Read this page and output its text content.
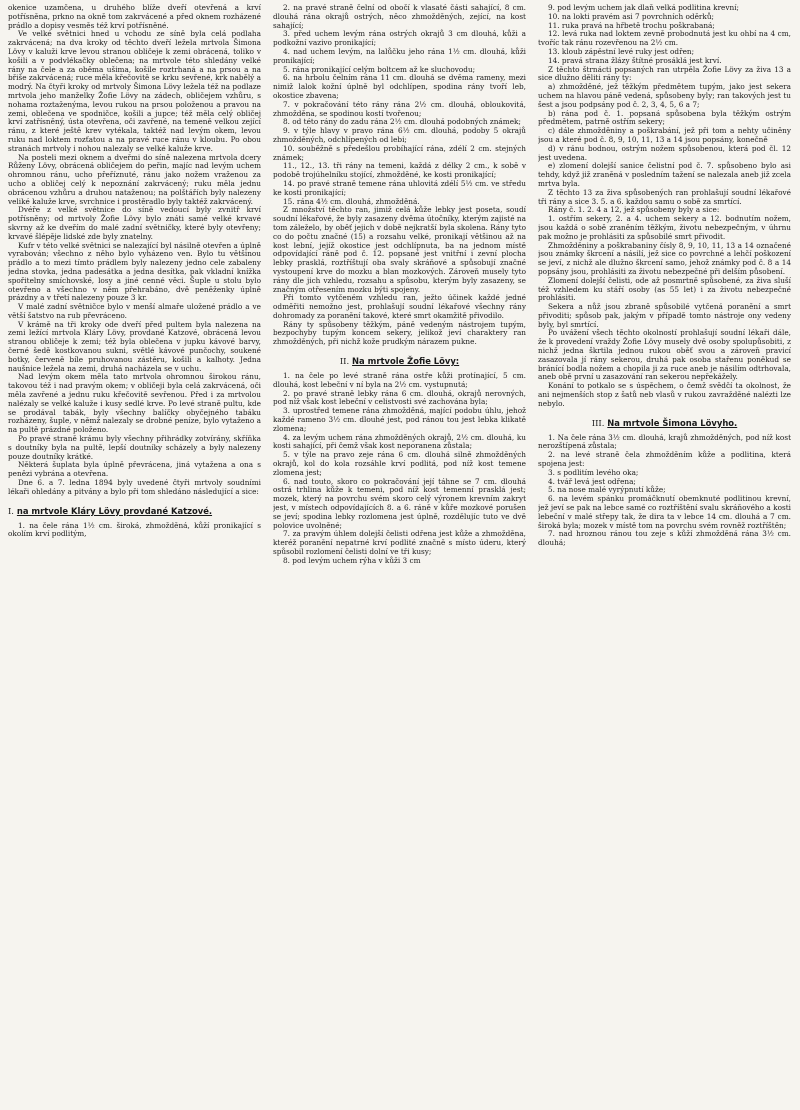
okenice uzamčena, u druhého blíže dveří otevřená a krví potřísněna, prkno na okně tom zakrvácené a před oknem rozházené prádlo a dopisy vesměs též krví potřísněné.

Ve velké světnici hned u vchodu ze síně byla celá podlaha zakrvácená; na dva kroky od těchto dveří ležela mrtvola Šimona Lövy v kaluži krve levou stranou obličeje k zemi obrácená, toliko v košili a v podvlékačky oblečena; na mrtvole této shledány velké rány na čele a za oběma ušima, košile roztrhaná a na prsou a na břiše zakrvácená; ruce měla křečovitě se krku sevřené, krk nabělý a modrý. Na čtyři kroky od mrtvoly Šimona Lövy ležela též na podlaze mrtvola jeho manželky Žofie Lövy na zádech, obličejem vzhůru, s nohama roztaženýma, levou rukou na prsou položenou a pravou na zemi, oblečena ve spodničce, košili a jupce; též měla celý obličej krví zatřísněný, ústa otevřena, oči zavřené, na temeně velkou zející ránu, z které ještě krev vytékala, taktéž nad levým okem, levou ruku nad loktem rozťatou a na pravé ruce ránu v kloubu. Po obou stranách mrtvoly i nohou nalezaly se velké kaluže krve.

Na posteli mezi oknem a dveřmi do síně nalezena mrtvola dcery Růženy Lövy, obrácená obličejem do peřin, majíc nad levým uchem ohromnou ránu, ucho přeříznuté, ránu jako nožem vraženou za ucho a obličej celý k nepoznání zakrvácený; ruku měla jednu obrácenou vzhůru a druhou nataženou; na polštářích byly nalezeny veliké kaluže krve, svrchnice i prostěradlo byly taktéž zakrvácený.

Dvéře z velké světnice do síně vedoucí byly zvnitř krví potřísněny; od mrtvoly Žofie Lövy bylo znáti samé velké krvavé skvrny až ke dveřím do malé zadní světničky, které byly otevřeny; krvavé šlépěje lidské zde byly znatelny.

Kufr v této velké světnici se nalezající byl násilně otevřen a úplně vyrabován; všechno z něho bylo vyházeno ven. Bylo tu většinou prádlo a to mezi tímto prádlem byly nalezeny jedno cele zabaleny jedna stovka, jedna padesátka a jedna desítka, pak vkladní knížka spořitelny smíchovské, losy a jiné cenné věci. Šuple u stolu bylo otevřeno a všechno v něm přehrabáno, dvě peněženky úplně prázdny a v třetí nalezeny pouze 3 kr.

V malé zadní světničce bylo v menší almaře uložené prádlo a ve větší šatstvo na rub převráceno.

V krámě na tři kroky ode dveří před pultem byla nalezena na zemi ležící mrtvola Kláry Lövy, provdané Katzové, obrácená levou stranou obličeje k zemi; též byla oblečena v jupku kávové barvy, černé šedě kostkovanou sukni, světlé kávové punčochy, soukené botky, červeně bíle pruhovanou zástěru, košili a kalhoty. Jedna naušnice ležela na zemi, druhá nacházela se v uchu.

Nad levým okem měla tato mrtvola ohromnou širokou ránu, takovou též i nad pravým okem; v obličeji byla celá zakrvácená, oči měla zavřené a jednu ruku křečovitě sevřenou. Před i za mrtvolou nalézaly se velké kaluže i kusy sedlé krve. Po levé straně pultu, kde se prodával tabák, byly všechny balíčky obyčejného tabáku rozházeny, šuple, v němž nalezaly se drobné peníze, bylo vytaženo a na pultě prázdné položeno.

Po pravé straně krámu byly všechny přihrádky zotvírány, skříňka s doutníky byla na pultě, lepší doutníky scházely a byly nalezeny pouze doutníky krátké.

Některá šuplata byla úplně převrácena, jiná vytažena a ona s penězi vybrána a otevřena.

Dne 6. a 7. ledna 1894 byly uvedené čtyři mrtvoly soudními lékaři ohledány a pitvány a bylo při tom shledáno následující a sice:

I. na mrtvole Kláry Lövy provdané Katzové.

1. na čele rána 1½ cm. široká, zhmožděná, kůží pronikající s okolím krví podlitým,

2. na pravé straně čelní od obočí k vlasaté části sahající, 8 cm. dlouhá rána okrajů ostrých, něco zhmožděných, zející, na kost sahající;

3. před uchem levým rána ostrých okrajů 3 cm dlouhá, kůži a podkožní vazivo pronikající;

4. nad uchem levým, na lalůčku jeho rána 1½ cm. dlouhá, kůži pronikající;

5. rána pronikající celým boltcem až ke sluchovodu;

6. na hrbolu čelním rána 11 cm. dlouhá se dvěma rameny, mezi nimiž lalok kožní úplně byl odchlípen, spodina rány tvoří leb, okostice zbavena;

7. v pokračování této rány rána 2½ cm. dlouhá, obloukovitá, zhmožděna, se spodinou kostí tvořenou;

8. od této rány do zadu rána 2½ cm. dlouhá podobných známek;

9. v týle hlavy v pravo rána 6½ cm. dlouhá, podoby 5 okrajů zhmožděných, odchlípených od lebi;

10. souběžně s předešlou probíhající rána, zdélí 2 cm. stejných známek;

11., 12., 13. tři rány na temeni, každá z délky 2 cm., k sobě v podobě trojúhelníku stojící, zhmožděné, ke kosti pronikající;

14. po pravé straně temene rána uhlovitá zdélí 5½ cm. ve středu ke kosti pronikající;

15. rána 4½ cm. dlouhá, zhmožděná.

Z množství těchto ran, jimiž celá kůže lebky jest poseta, soudí soudní lékařové, že byly zasazeny dvěma útočníky, kterým zajisté na tom záleželo, by oběť jejich v době nejkratší byla skolena. Rány tyto co do počtu značné (15) a rozsahu velké, pronikají většinou až na kost lební, jejíž okostice jest odchlípnuta, ba na jednom místě odpovídající ráně pod č. 12. popsané jest vnitřní i zevní plocha lebky prasklá, roztříštují oba svaly skráňové a spůsobují značné vystoupení krve do mozku a blan mozkových. Zároveň musely tyto rány dle jich vzhledu, rozsahu a spůsobu, kterým byly zasazeny, se značným otřesením mozku býti spojeny.

Při tomto vytčeném vzhledu ran, ježto účinek každé jedné odměřiti nemožno jest, prohlašují soudní lékařové všechny rány dohromady za poranění takové, které smrt okamžitě přivodilo.

Rány ty spůsobeny těžkým, páně vedeným nástrojem tupým, bezpochyby tupým koncem sekery, jelikož jeví charaktery ran zhmožděných, při nichž kože prudkým nárazem pukne.

II. Na mrtvole Žofie Lövy:

1. na čele po levé straně rána ostře kůži protínající, 5 cm. dlouhá, kost lebeční v ní byla na 2½ cm. vystupnutá;

2. po pravé straně lebky rána 6 cm. dlouhá, okrajů nerovných, pod níž však kost lebeční v celistvosti své zachována byla;

3. uprostřed temene rána zhmožděná, mající podobu úhlu, jehož každé rameno 3½ cm. dlouhé jest, pod ránou tou jest lebka klikatě zlomena;

4. za levým uchem rána zhmožděných okrajů, 2½ cm. dlouhá, ku kosti sahající, při čemž však kost neporanena zůstala;

5. v týle na pravo zeje rána 6 cm. dlouhá silně zhmožděných okrajů, kol do kola rozsáhle krví podlitá, pod níž kost temene zlomena jest;

6. nad touto, skoro co pokračování její táhne se 7 cm. dlouhá ostrá trhlina kůže k temeni, pod níž kost temenní prasklá jest; mozek, který na povrchu svém skoro celý výronem krevním zakryt jest, v místech odpovídajících 8. a 6. ráně v kůře mozkové porušen se jeví; spodina lebky rozlomena jest úplně, rozdělujíc tuto ve dvě polovice uvolněné;

7. za pravým úhlem dolejší čelisti odřena jest kůže a zhmožděna, kteréž poranění nepatrné krví podlité značně s místo úderu, který spůsobil rozlomení čelisti dolní ve tři kusy;

8. pod levým uchem rýha v kůži 3 cm

9. pod levým uchem jak dlaň velká podlitina krevní;

10. na lokti pravém asi 7 povrchních oděrků;

11. ruka pravá na hřbetě trochu poškrabaná;

12. levá ruka nad loktem zevně probodnutá jest ku ohbí na 4 cm, tvoříc tak ránu rozevřenou na 2½ cm.

13. kloub zápěstní levé ruky jest odřen;

14. pravá strana žlázy štítné prosáklá jest krví.

Z těchto štrnácti popsaných ran utrpěla Žofie Lövy za živa 13 a sice dlužno děliti rány ty:

a) zhmožděné, jež těžkým předmětem tupým, jako jest sekera uchem na hlavou páně vedená, spůsobeny byly; ran takových jest tu šest a jsou podpsány pod č. 2, 3, 4, 5, 6 a 7;

b) rána pod č. 1. popsaná spůsobena byla těžkým ostrým předmětem, patrně ostřím sekery;

c) dále zhmožděniny a poškrabání, jež při tom a nehty učiněny jsou a které pod č. 8, 9, 10, 11, 13 a 14 jsou popsány, konečně

d) v ránu bodnou, ostrým nožem spůsobenou, která pod čl. 12 jest uvedena.

e) zlomení dolejší sanice čelistní pod č. 7. spůsobeno bylo asi tehdy, když již zraněná v posledním tažení se nalezala aneb již zcela mrtva byla.

Z těchto 13 za živa spůsobených ran prohlašují soudní lékařové tři rány a sice 3. 5. a 6. každou samu o sobě za smrtící.

Rány č. 1. 2. 4 a 12, jež spůsobeny byly a sice:

1. ostřím sekery, 2. a 4. uchem sekery a 12. bodnutím nožem, jsou každá o sobě zraněním těžkým, životu nebezpečným, v úhrnu pak možno je prohlásiti za spůsobilé smrt přivodit.

Zhmožděniny a poškrabaniny čísly 8, 9, 10, 11, 13 a 14 označené jsou známky škrcení a násilí, jež sice co povrchné a lehčí poškození se jeví, z nichž ale dlužno škrcení samo, jehož známky pod č. 8 a 14 popsány jsou, prohlásiti za životu nebezpečné při delším působení.

Zlomení dolejší čelisti, ode až posmrtně spůsobené, za živa sluší též vzhledem ku stáří osoby (as 55 let) i za životu nebezpečné prohlásiti.

Sekera a nůž jsou zbraně spůsobilé vytčená poranění a smrt přivoditi; spůsob pak, jakým v případě tomto nástroje ony vedeny byly, byl smrtící.

Po uvážení všech těchto okolností prohlašují soudní lékaři dále, že k provedení vraždy Žofie Lövy musely dvě osoby spolupůsobiti, z nichž jedna škrtila jednou rukou oběť svou a zároveň pravicí zasazovala jí rány sekerou, druhá pak osoba stařenu poněkud se bránící bodla nožem a chopila ji za ruce aneb je násilím odtrhovala, aneb obě první u zasazování ran sekerou nepřekážely.

Konání to potkalo se s úspěchem, o čemž svědčí ta okolnost, že ani nejmenších stop z šatů neb vlasů v rukou zavražděné nalézti lze nebylo.

III. Na mrtvole Šimona Lövyho.

1. Na čele rána 3½ cm. dlouhá, krajů zhmožděných, pod níž kost nerozštípená zůstala;

2. na levé straně čela zhmožděním kůže a podlitina, která spojena jest:

3. s podlitím levého oka;

4. tvář levá jest odřena;

5. na nose malé vyrýpnutí kůže;

6. na levém spánku promáčknutí obemknuté podlitinou krevní, jež jeví se pak na lebce samé co roztříštění svalu skráňového a kosti lebeční v malé střepy tak, že dira ta v lebce 14 cm. dlouhá a 7 cm. široká byla; mozek v místě tom na povrchu svém rovněž roztříštěn;

7. nad hroznou ránou tou zeje s kůží zhmožděná rána 3½ cm. dlouhá;
